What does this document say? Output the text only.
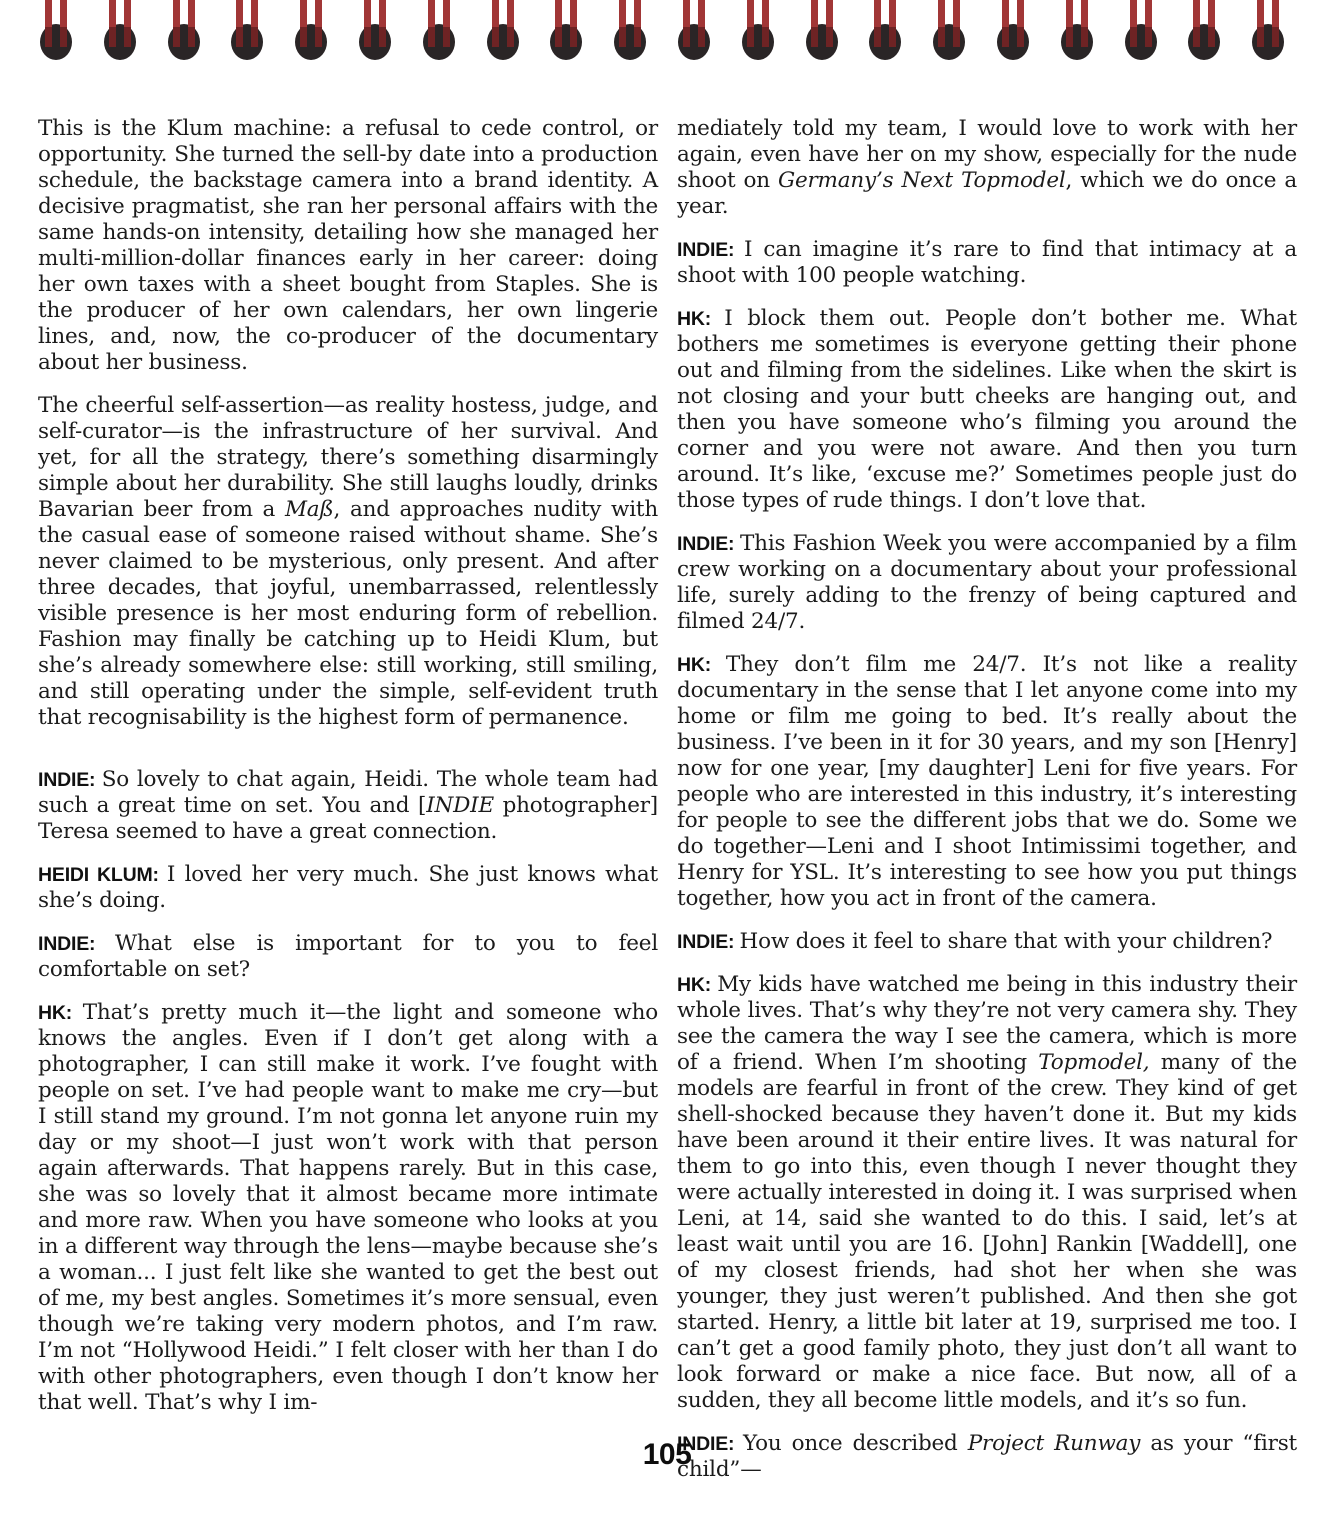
This is the Klum machine: a refusal to cede control, or opportunity. She turned the sell-by date into a production schedule, the backstage camera into a brand identity. A decisive pragmatist, she ran her personal affairs with the same hands-on intensity, detailing how she managed her multi-million-dollar finances early in her career: doing her own taxes with a sheet bought from Staples. She is the producer of her own calendars, her own lingerie lines, and, now, the co-producer of the documentary about her business.

The cheerful self-assertion—as reality hostess, judge, and self-curator—is the infrastructure of her survival. And yet, for all the strategy, there’s something disarmingly simple about her durability. She still laughs loudly, drinks Bavarian beer from a Maß, and approaches nudity with the casual ease of someone raised without shame. She’s never claimed to be mysterious, only present. And after three decades, that joyful, unembarrassed, relentlessly visible presence is her most enduring form of rebellion. Fashion may finally be catching up to Heidi Klum, but she’s already somewhere else: still working, still smiling, and still operating under the simple, self-evident truth that recognisability is the highest form of permanence.

INDIE: So lovely to chat again, Heidi. The whole team had such a great time on set. You and [INDIE photographer] Teresa seemed to have a great connection.

HEIDI KLUM: I loved her very much. She just knows what she’s doing.

INDIE: What else is important for to you to feel comfortable on set?

HK: That’s pretty much it—the light and someone who knows the angles. Even if I don’t get along with a photographer, I can still make it work. I’ve fought with people on set. I’ve had people want to make me cry—but I still stand my ground. I’m not gonna let anyone ruin my day or my shoot—I just won’t work with that person again afterwards. That happens rarely. But in this case, she was so lovely that it almost became more intimate and more raw. When you have someone who looks at you in a different way through the lens—maybe because she’s a woman... I just felt like she wanted to get the best out of me, my best angles. Sometimes it’s more sensual, even though we’re taking very modern photos, and I’m raw. I’m not “Hollywood Heidi.” I felt closer with her than I do with other photographers, even though I don’t know her that well. That’s why I im-

mediately told my team, I would love to work with her again, even have her on my show, especially for the nude shoot on Germany’s Next Topmodel, which we do once a year.

INDIE: I can imagine it’s rare to find that intimacy at a shoot with 100 people watching.

HK: I block them out. People don’t bother me. What bothers me sometimes is everyone getting their phone out and filming from the sidelines. Like when the skirt is not closing and your butt cheeks are hanging out, and then you have someone who’s filming you around the corner and you were not aware. And then you turn around. It’s like, ‘excuse me?’ Sometimes people just do those types of rude things. I don’t love that.

INDIE: This Fashion Week you were accompanied by a film crew working on a documentary about your professional life, surely adding to the frenzy of being captured and filmed 24/7.

HK: They don’t film me 24/7. It’s not like a reality documentary in the sense that I let anyone come into my home or film me going to bed. It’s really about the business. I’ve been in it for 30 years, and my son [Henry] now for one year, [my daughter] Leni for five years. For people who are interested in this industry, it’s interesting for people to see the different jobs that we do. Some we do together—Leni and I shoot Intimissimi together, and Henry for YSL. It’s interesting to see how you put things together, how you act in front of the camera.

INDIE: How does it feel to share that with your children?

HK: My kids have watched me being in this industry their whole lives. That’s why they’re not very camera shy. They see the camera the way I see the camera, which is more of a friend. When I’m shooting Topmodel, many of the models are fearful in front of the crew. They kind of get shell-shocked because they haven’t done it. But my kids have been around it their entire lives. It was natural for them to go into this, even though I never thought they were actually interested in doing it. I was surprised when Leni, at 14, said she wanted to do this. I said, let’s at least wait until you are 16. [John] Rankin [Waddell], one of my closest friends, had shot her when she was younger, they just weren’t published. And then she got started. Henry, a little bit later at 19, surprised me too. I can’t get a good family photo, they just don’t all want to look forward or make a nice face. But now, all of a sudden, they all become little models, and it’s so fun.

INDIE: You once described Project Runway as your “first child”—

105
